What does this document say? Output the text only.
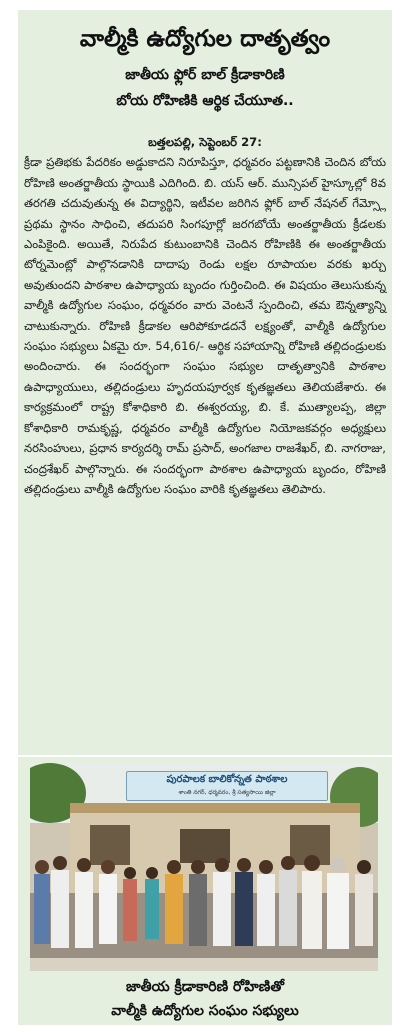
వాల్మీకి ఉద్యోగుల దాతృత్వం
జాతీయ ఫ్లోర్ బాల్ క్రీడాకారిణి
బోయ రోహిణికి ఆర్థిక చేయూత..
బత్తలపల్లి, సెప్టెంబర్ 27:
క్రీడా ప్రతిభకు పేదరికం అడ్డుకాదని నిరూపిస్తూ, ధర్మవరం పట్టణానికి చెందిన బోయ రోహిణి అంతర్జాతీయ స్థాయికి ఎదిగింది. బి. యస్ ఆర్. మున్సిపల్ హైస్కూల్లో 8వ తరగతి చదువుతున్న ఈ విద్యార్థిని, ఇటీవల జరిగిన ఫ్లోర్ బాల్ నేషనల్ గేమ్స్లో ప్రథమ స్థానం సాధించి, తదుపరి సింగపూర్లో జరగబోయే అంతర్జాతీయ క్రీడలకు ఎంపికైంది. అయితే, నిరుపేద కుటుంబానికి చెందిన రోహిణికి ఈ అంతర్జాతీయ టోర్నమెంట్లో పాల్గొనడానికి దాదాపు రెండు లక్షల రూపాయల వరకు ఖర్చు అవుతుందని పాఠశాల ఉపాధ్యాయ బృందం గుర్తించింది. ఈ విషయం తెలుసుకున్న వాల్మీకి ఉద్యోగుల సంఘం, ధర్మవరం వారు వెంటనే స్పందించి, తమ ఔన్నత్యాన్ని చాటుకున్నారు. రోహిణి క్రీడాకల ఆరిపోకూడదనే లక్ష్యంతో, వాల్మీకి ఉద్యోగుల సంఘం సభ్యులు ఏకమై రూ. 54,616/- ఆర్థిక సహాయాన్ని రోహిణి తల్లిదండ్రులకు అందించారు. ఈ సందర్భంగా సంఘం సభ్యుల దాతృత్వానికి పాఠశాల ఉపాధ్యాయులు, తల్లిదండ్రులు హృదయపూర్వక కృతజ్ఞతలు తెలియజేశారు. ఈ కార్యక్రమంలో రాష్ట్ర కోశాధికారి బి. ఈశ్వరయ్య, బి. కే. ముత్యాలప్ప, జిల్లా కోశాధికారి రామకృష్ణ, ధర్మవరం వాల్మీకి ఉద్యోగుల నియోజకవర్గం అధ్యక్షులు నరసింహులు, ప్రధాన కార్యదర్శి రామ్ ప్రసాద్, అంగజాల రాజశేఖర్, బి. నాగరాజు, చంద్రశేఖర్ పాల్గొన్నారు. ఈ సందర్భంగా పాఠశాల ఉపాధ్యాయ బృందం, రోహిణి తల్లిదండ్రులు వాల్మీకి ఉద్యోగుల సంఘం వారికి కృతజ్ఞతలు తెలిపారు.
పురపాలక బాలికోన్నత పాఠశాల
శాంతి నగర్, ధర్మవరం, శ్రీ సత్యసాయి జిల్లా
జాతీయ క్రీడాకారిణి రోహిణితో
వాల్మీకి ఉద్యోగుల సంఘం సభ్యులు
